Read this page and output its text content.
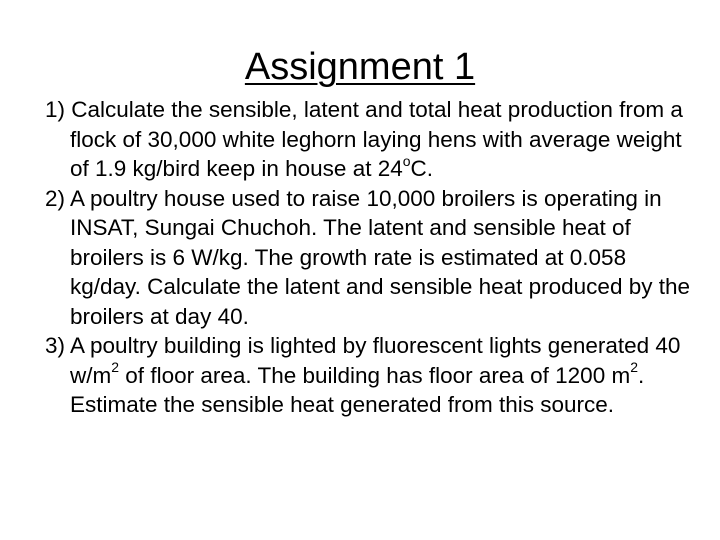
Assignment 1
1) Calculate the sensible, latent and total heat production from a flock of 30,000 white leghorn laying hens with average weight of 1.9 kg/bird keep in house at 24$^o$C.
2) A poultry house used to raise 10,000 broilers is operating in INSAT, Sungai Chuchoh. The latent and sensible heat of broilers is 6 W/kg. The growth rate is estimated at 0.058
kg/day. Calculate the latent and sensible heat produced by the broilers at day 40.
3) A poultry building is lighted by fluorescent lights generated 40 $w/m^2$ of floor area. The building has floor area of 1200 $m^2$. Estimate the sensible heat generated from this source.
